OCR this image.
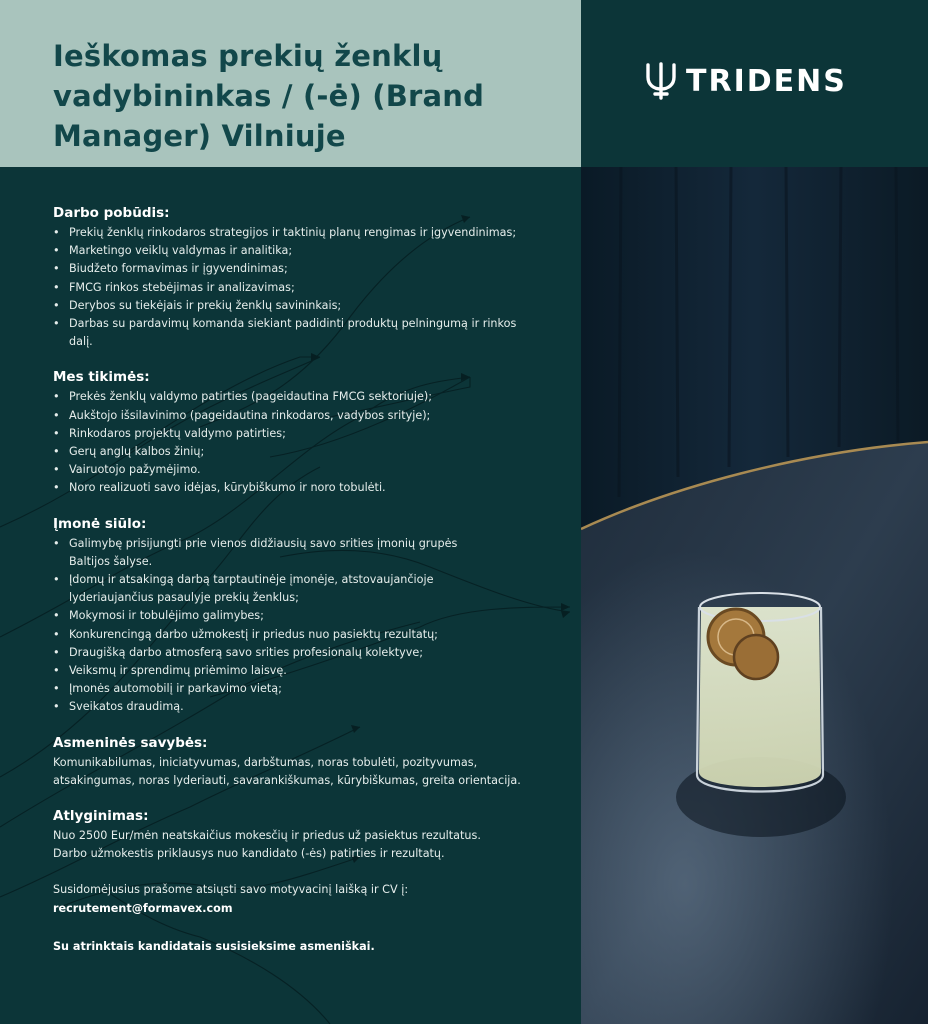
Ieškomas prekių ženklų vadybininkas / (-ė) (Brand Manager) Vilniuje
TRIDENS
Darbo pobūdis:
• Prekių ženklų rinkodaros strategijos ir taktinių planų rengimas ir įgyvendinimas;
• Marketingo veiklų valdymas ir analitika;
• Biudžeto formavimas ir įgyvendinimas;
• FMCG rinkos stebėjimas ir analizavimas;
• Derybos su tiekėjais ir prekių ženklų savininkais;
• Darbas su pardavimų komanda siekiant padidinti produktų pelningumą ir rinkos dalį.
Mes tikimės:
• Prekės ženklų valdymo patirties (pageidautina FMCG sektoriuje);
• Aukštojo išsilavinimo (pageidautina rinkodaros, vadybos srityje);
• Rinkodaros projektų valdymo patirties;
• Gerų anglų kalbos žinių;
• Vairuotojo pažymėjimo.
• Noro realizuoti savo idėjas, kūrybiškumo ir noro tobulėti.
Įmonė siūlo:
• Galimybę prisijungti prie vienos didžiausių savo srities įmonių grupės Baltijos šalyse.
• Įdomų ir atsakingą darbą tarptautinėje įmonėje, atstovaujančioje lyderiaujančius pasaulyje prekių ženklus;
• Mokymosi ir tobulėjimo galimybes;
• Konkurencingą darbo užmokestį ir priedus nuo pasiektų rezultatų;
• Draugišką darbo atmosferą savo srities profesionalų kolektyve;
• Veiksmų ir sprendimų priėmimo laisvę.
• Įmonės automobilį ir parkavimo vietą;
• Sveikatos draudimą.
Asmeninės savybės:

Komunikabilumas, iniciatyvumas, darbštumas, noras tobulėti, pozityvumas, atsakingumas, noras lyderiauti, savarankiškumas, kūrybiškumas, greita orientacija.

Atlyginimas:

Nuo 2500 Eur/mėn neatskaičius mokesčių ir priedus už pasiektus rezultatus.

Darbo užmokestis priklausys nuo kandidato (-ės) patirties ir rezultatų.

Susidomėjusius prašome atsiųsti savo motyvacinį laišką ir CV į:

recrutement@formavex.com

Su atrinktais kandidatais susisieksime asmeniškai.
